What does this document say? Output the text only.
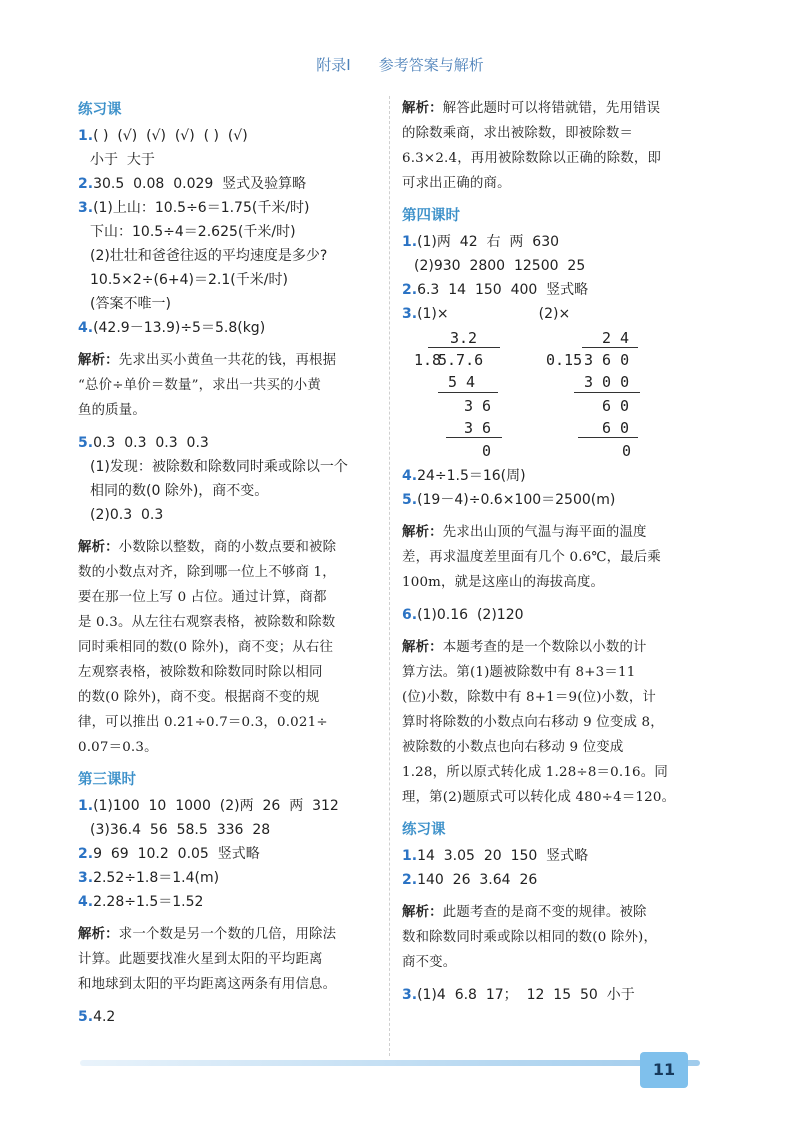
附录Ⅰ 参考答案与解析
练习课
1.( )  (√)  (√)  (√)  ( )  (√)
小于  大于
2.30.5  0.08  0.029  竖式及验算略
3.(1)上山：10.5÷6＝1.75(千米/时)
下山：10.5÷4＝2.625(千米/时)
(2)壮壮和爸爸往返的平均速度是多少?
10.5×2÷(6+4)＝2.1(千米/时)
(答案不唯一)
4.(42.9－13.9)÷5＝5.8(kg)
解析：先求出买小黄鱼一共花的钱，再根据
“总价÷单价＝数量”，求出一共买的小黄
鱼的质量。
5.0.3  0.3  0.3  0.3
(1)发现：被除数和除数同时乘或除以一个
相同的数(0 除外)，商不变。
(2)0.3  0.3
解析：小数除以整数，商的小数点要和被除
数的小数点对齐，除到哪一位上不够商 1，
要在那一位上写 0 占位。通过计算，商都
是 0.3。从左往右观察表格，被除数和除数
同时乘相同的数(0 除外)，商不变；从右往
左观察表格，被除数和除数同时除以相同
的数(0 除外)，商不变。根据商不变的规
律，可以推出 0.21÷0.7＝0.3，0.021÷
0.07＝0.3。
第三课时
1.(1)100  10  1000  (2)两  26  两  312
(3)36.4  56  58.5  336  28
2.9  69  10.2  0.05  竖式略
3.2.52÷1.8＝1.4(m)
4.2.28÷1.5＝1.52
解析：求一个数是另一个数的几倍，用除法
计算。此题要找准火星到太阳的平均距离
和地球到太阳的平均距离这两条有用信息。
5.4.2
解析：解答此题时可以将错就错，先用错误
的除数乘商，求出被除数，即被除数＝
6.3×2.4，再用被除数除以正确的除数，即
可求出正确的商。
第四课时
1.(1)两  42  右  两  630
(2)930  2800  12500  25
2.6.3  14  150  400  竖式略
3.(1)×	(2)×
3.2
1.8
5.7.6
5 4
3 6
3 6
0
2 4
0.15 3 6 0
3 0 0
6 0
6 0
0
4.24÷1.5＝16(周)
5.(19－4)÷0.6×100＝2500(m)
解析：先求出山顶的气温与海平面的温度
差，再求温度差里面有几个 0.6℃，最后乘
100m，就是这座山的海拔高度。
6.(1)0.16  (2)120
解析：本题考查的是一个数除以小数的计
算方法。第(1)题被除数中有 8+3＝11
(位)小数，除数中有 8+1＝9(位)小数，计
算时将除数的小数点向右移动 9 位变成 8，
被除数的小数点也向右移动 9 位变成
1.28，所以原式转化成 1.28÷8＝0.16。同
理，第(2)题原式可以转化成 480÷4＝120。
练习课
1.14  3.05  20  150  竖式略
2.140  26  3.64  26
解析：此题考查的是商不变的规律。被除
数和除数同时乘或除以相同的数(0 除外)，
商不变。
3.(1)4  6.8  17；  12  15  50  小于
11
